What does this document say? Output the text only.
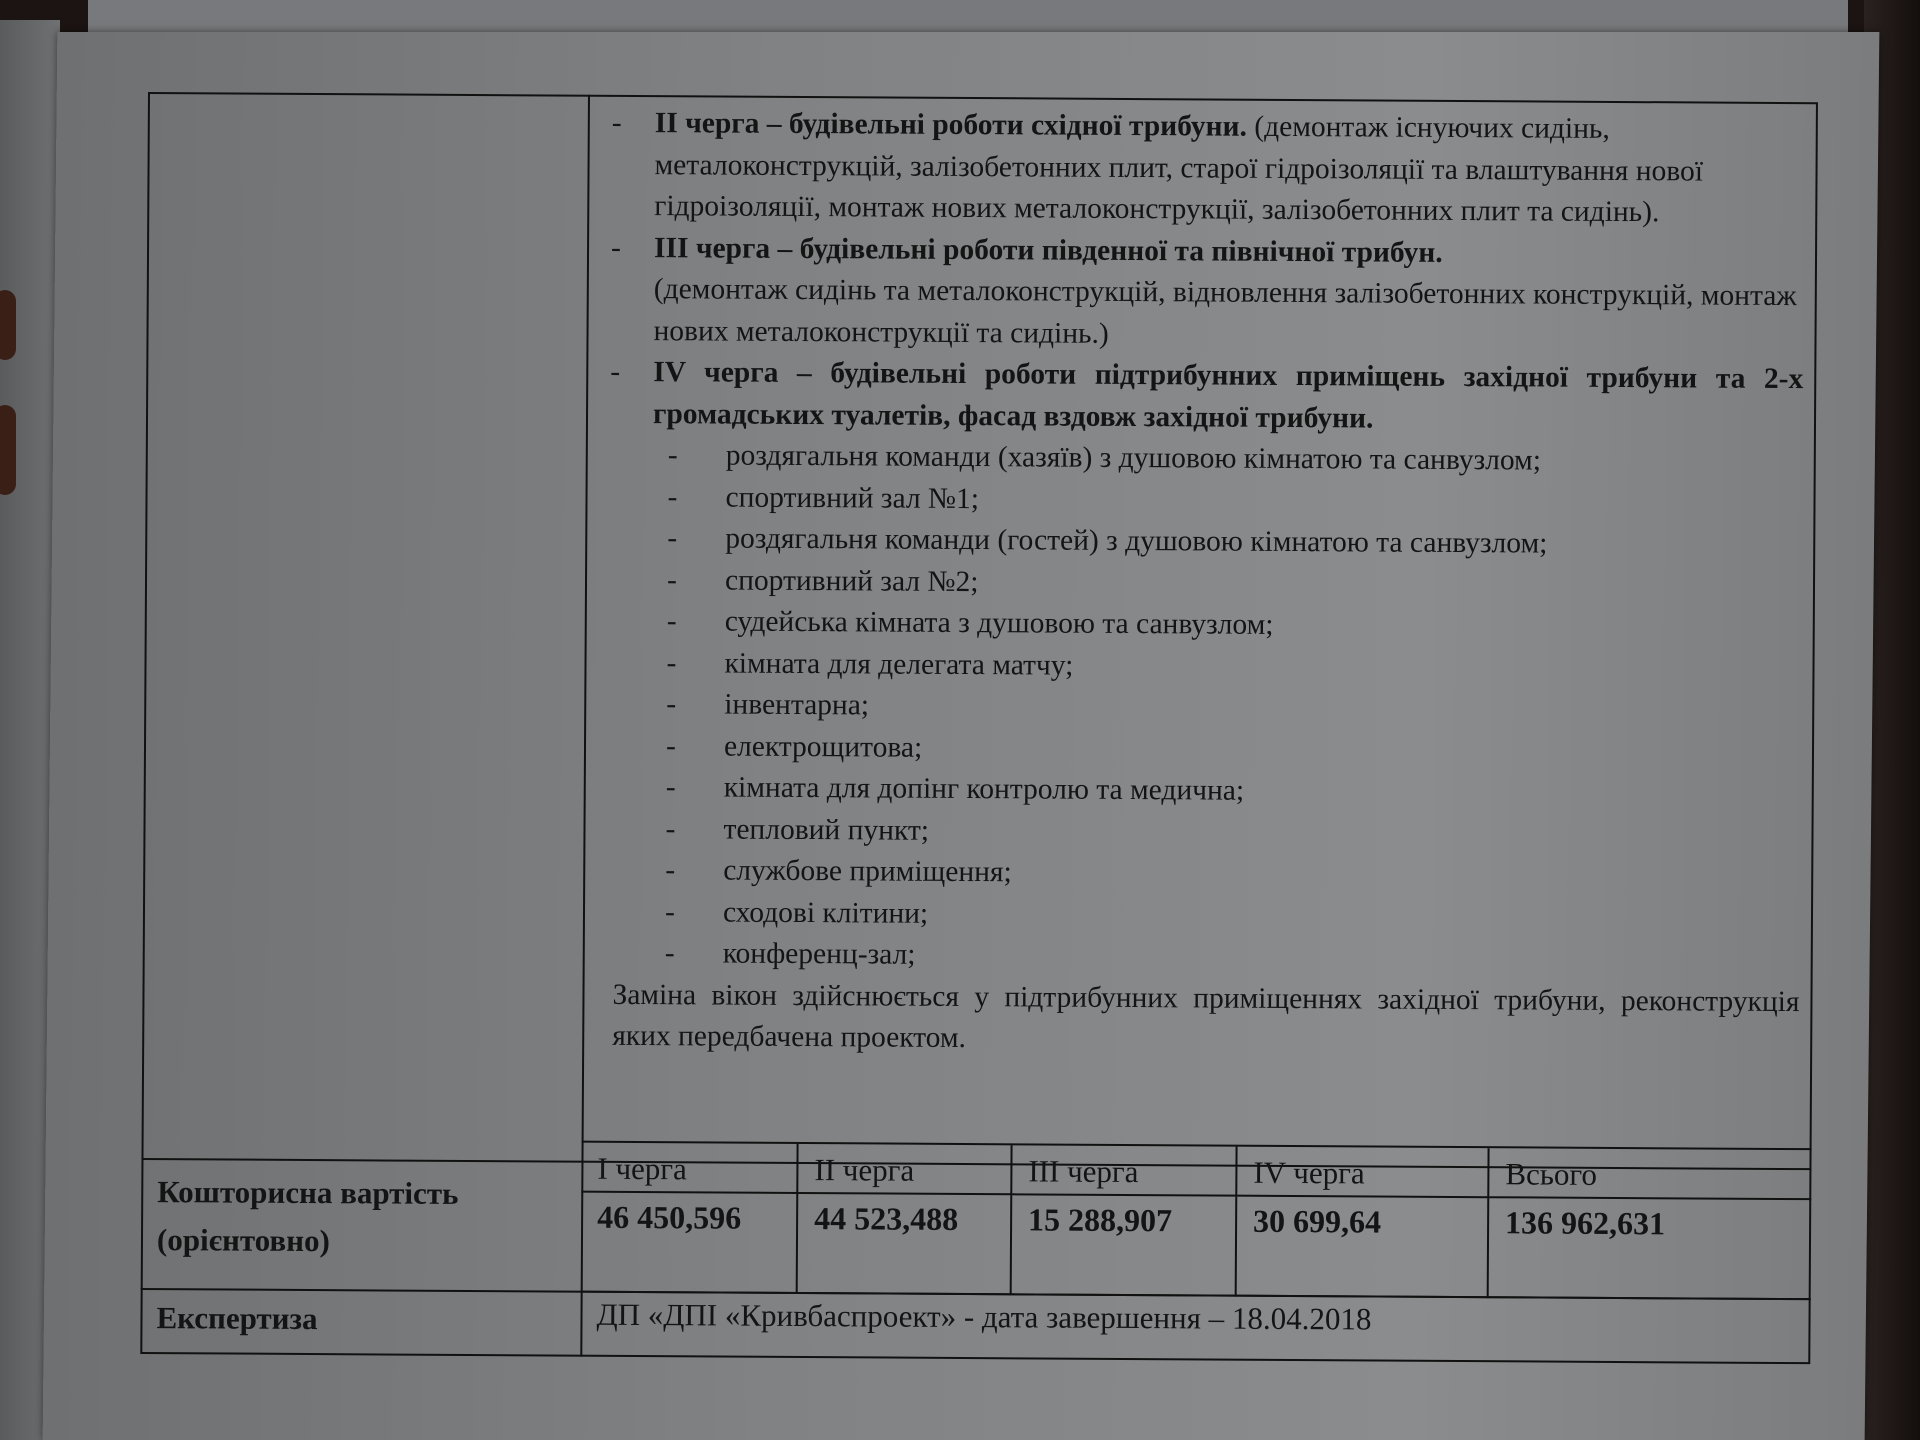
- II черга – будівельні роботи східної трибуни. (демонтаж існуючих сидінь, металоконструкцій, залізобетонних плит, старої гідроізоляції та влаштування нової гідроізоляції, монтаж нових металоконструкції, залізобетонних плит та сидінь).
- III черга – будівельні роботи південної та північної трибун.
(демонтаж сидінь та металоконструкцій, відновлення залізобетонних конструкцій, монтаж нових металоконструкції та сидінь.)
- IV черга – будівельні роботи підтрибунних приміщень західної трибуни та 2-х громадських туалетів, фасад вздовж західної трибуни.
- роздягальня команди (хазяїв) з душовою кімнатою та санвузлом;
- спортивний зал №1;
- роздягальня команди (гостей) з душовою кімнатою та санвузлом;
- спортивний зал №2;
- судейська кімната з душовою та санвузлом;
- кімната для делегата матчу;
- інвентарна;
- електрощитова;
- кімната для допінг контролю та медична;
- тепловий пункт;
- службове приміщення;
- сходові клітини;
- конференц-зал;
Заміна вікон здійснюється у підтрибунних приміщеннях західної трибуни, реконструкція яких передбачена проектом.
Кошторисна вартість (орієнтовно)
I черга	II черга	III черга	IV черга	Всього
46 450,596	44 523,488	15 288,907	30 699,64	136 962,631
Експертиза	ДП «ДПІ «Кривбаспроект» - дата завершення – 18.04.2018
